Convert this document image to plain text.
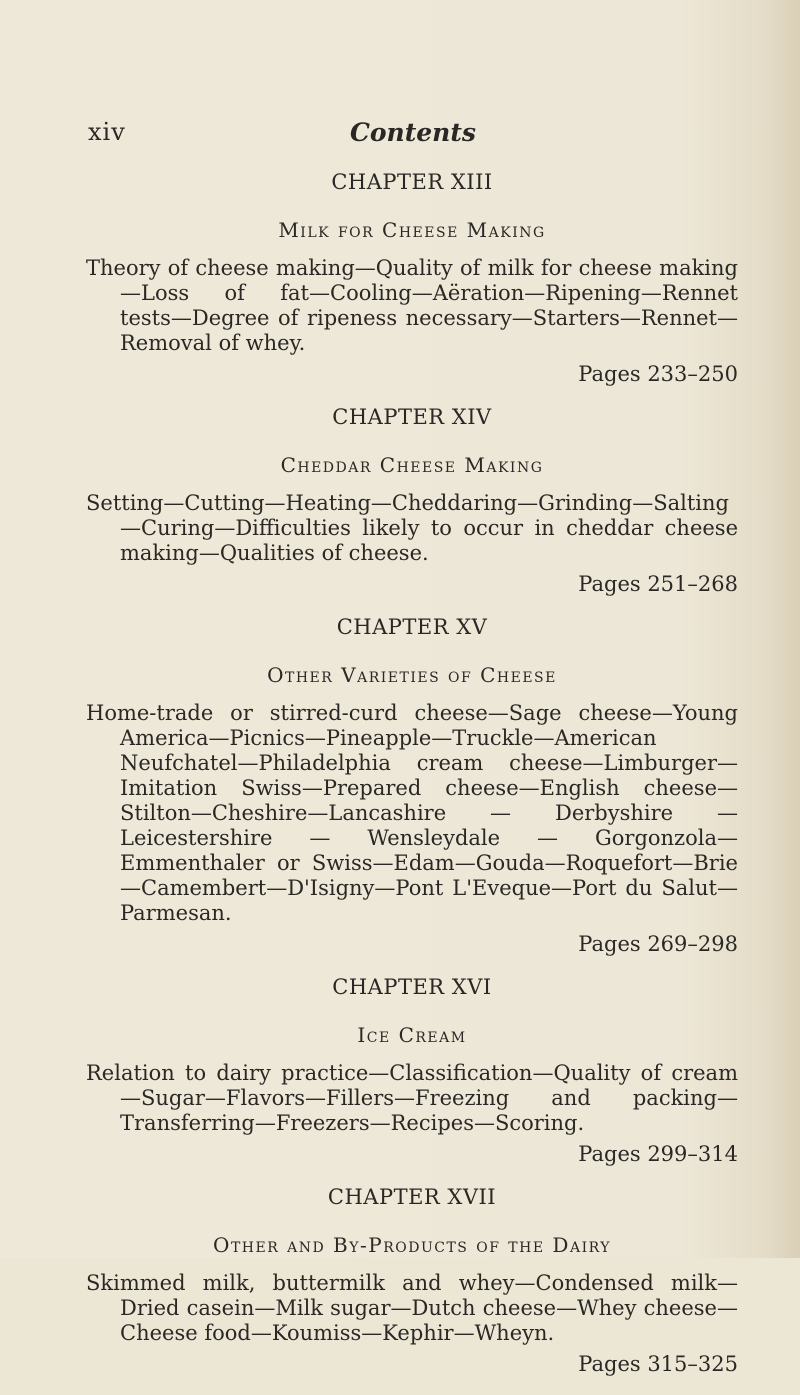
xiv	Contents
CHAPTER XIII
Milk for Cheese Making

Theory of cheese making—Quality of milk for cheese making—Loss of fat—Cooling—Aëration—Ripening—Rennet tests—Degree of ripeness necessary—Starters—Rennet—Removal of whey.

Pages 233–250
CHAPTER XIV
Cheddar Cheese Making

Setting—Cutting—Heating—Cheddaring—Grinding—Salting—Curing—Difficulties likely to occur in cheddar cheese making—Qualities of cheese.

Pages 251–268
CHAPTER XV
Other Varieties of Cheese

Home-trade or stirred-curd cheese—Sage cheese—Young America—Picnics—Pineapple—Truckle—American Neufchatel—Philadelphia cream cheese—Limburger—Imitation Swiss—Prepared cheese—English cheese—Stilton—Cheshire—Lancashire — Derbyshire — Leicestershire — Wensleydale — Gorgonzola—Emmenthaler or Swiss—Edam—Gouda—Roquefort—Brie—Camembert—D'Isigny—Pont L'Eveque—Port du Salut—Parmesan.

Pages 269–298
CHAPTER XVI
Ice Cream

Relation to dairy practice—Classification—Quality of cream—Sugar—Flavors—Fillers—Freezing and packing—Transferring—Freezers—Recipes—Scoring.

Pages 299–314
CHAPTER XVII
Other and By-Products of the Dairy

Skimmed milk, buttermilk and whey—Condensed milk—Dried casein—Milk sugar—Dutch cheese—Whey cheese—Cheese food—Koumiss—Kephir—Wheyn.

Pages 315–325
